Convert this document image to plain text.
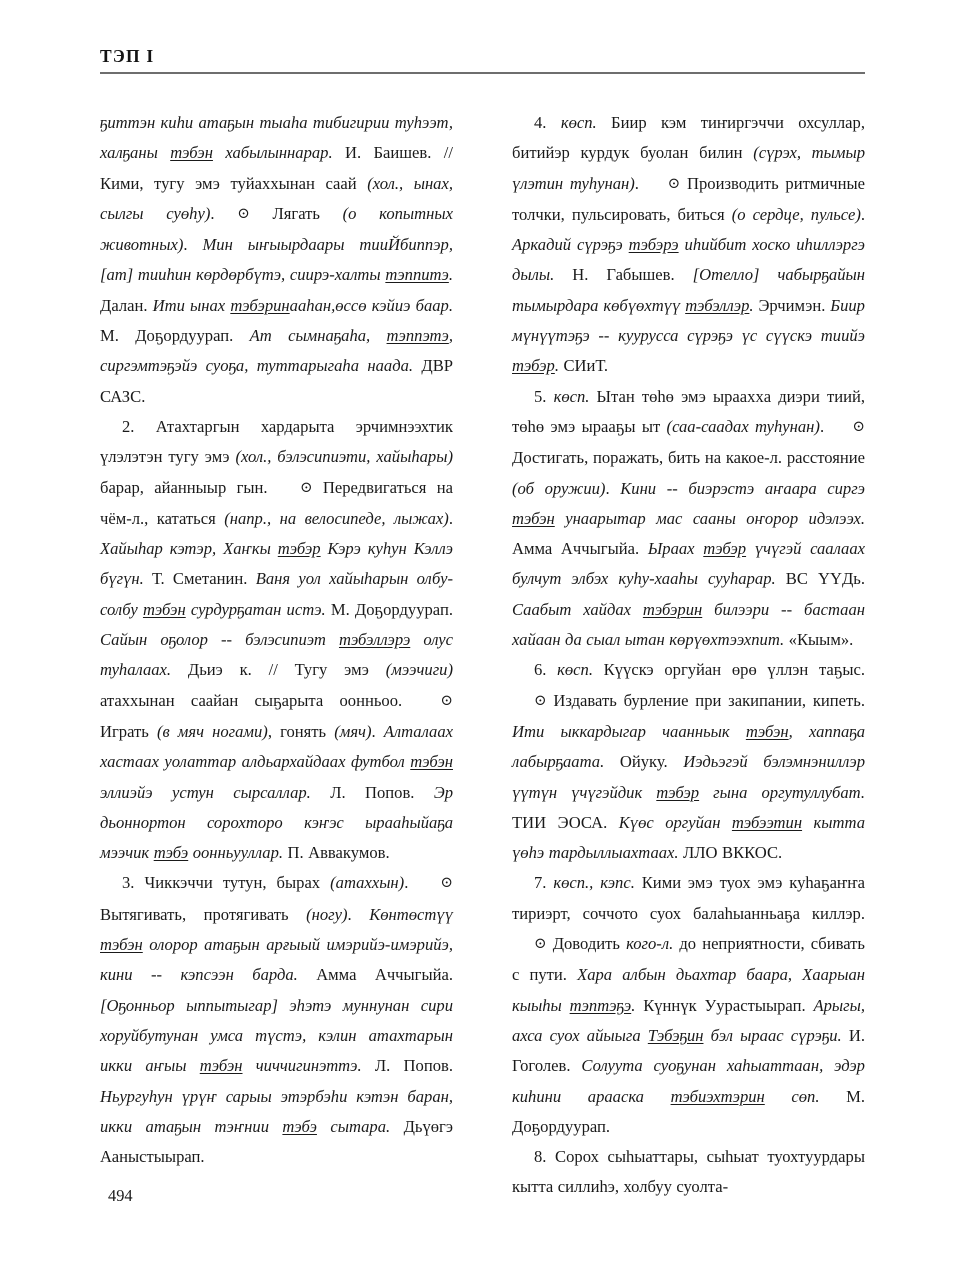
ТЭП I

ҕиттэн киһи атаҕын тыаһа тибигирии туһээт, халҕаны тэбэн хабылыннарар. И. Баишев. // Кими, тугу эмэ туйаххынан саай (хол., ынах, сылгы суөһу). ⊙ Лягать (о копытных животных). Мин ыҥыырдаары тииЙбиппэр, [ат] тииһин көрдөрбүтэ, сиирэ-халты тэппитэ. Далан. Ити ынах тэбэринааһан,өссө кэйиэ баар. М. Доҕордуурап. Ат сымнаҕаһа, тэппэтэ, сиргэмтэҕэйэ суоҕа, туттарыгаһа наада. ДВР САЗС.

2. Атахтаргын хардарыта эрчимнээхтик үлэлэтэн тугу эмэ (хол., бэлэсипиэти, хайыһары) барар, айанныыр гын. ⊙ Передвигаться на чём-л., кататься (напр., на велосипеде, лыжах). Хайыһар кэтэр, Хаҥкы тэбэр Кэрэ куһун Кэллэ бүгүн. Т. Сметанин. Ваня уол хайыһарын олбу-солбу тэбэн сурдурҕатан истэ. М. Доҕордуурап. Сайын оҕолор -- бэлэсипиэт тэбэллэрэ олус туһалаах. Дьиэ к. // Тугу эмэ (мээчиги) атаххынан саайан сыҕарыта оонньоо. ⊙ Играть (в мяч ногами), гонять (мяч). Алталаах хастаах уолаттар алдьархайдаах футбол тэбэн эллиэйэ устун сырсаллар. Л. Попов. Эр дьоннортон сорохторо кэҥэс ырааһыйаҕа мээчик тэбэ оонньууллар. П. Аввакумов.

3. Чиккэччи тутун, бырах (атаххын). ⊙ Вытягивать, протягивать (ногу). Көнтөстүү тэбэн олорор атаҕын арғыый имэрийэ-имэрийэ, кини -- кэпсээн барда. Амма Аччыгыйа. [Оҕонньор ыппытыгар] эһэтэ муннунан сири хоруйбутунан умса түстэ, кэлин атахтарын икки аҥыы тэбэн чиччигинэттэ. Л. Попов. Ньургуһун үрүҥ сарыы этэрбэһи кэтэн баран, икки атаҕын тэҥнии тэбэ сытара. Дьүөгэ Ааныстыырап.

4. көсп. Биир кэм тиҥиргэччи охсуллар, битийэр курдук буолан билин (сүрэх, тымыр үлэтин туһунан). ⊙ Производить ритмичные толчки, пульсировать, биться (о сердце, пульсе). Аркадий сүрэҕэ тэбэрэ иһийбит хоско иһиллэргэ дылы. Н. Габышев. [Отелло] чабырҕайын тымырдара көбүөхтүү тэбэллэр. Эрчимэн. Биир мүнүүтэҕэ -- кууруcса сүрэҕэ үс сүүскэ тиийэ тэбэр. СИиТ.

5. көсп. Ытан төһө эмэ ырааххa диэри тиий, төһө эмэ ырааҕы ыт (саа-саадах туһунан). ⊙ Достигать, поражать, бить на какое-л. расстояние (об оружии). Кини -- биэрэстэ аҥаара сиргэ тэбэн унаарытар мас сааны оҥорор идэлээх. Амма Аччыгыйа. Ыраах тэбэр үчүгэй саалаах булчут элбэх куһу-хааһы сууһарар. ВС ҮҮДь. Саабыт хайдах тэбэрин билээри -- бастаан хайаан да сыал ытан көрүөхтээхпит. «Кыым».

6. көсп. Күүскэ оргуйан өрө үллэн таҕыс. ⊙ Издавать бурление при закипании, кипеть. Ити ыккардыгар чаанньык тэбэн, хаппаҕа лабырҕаата. Ойуку. Иэдьэгэй бэлэмнэниллэр үүтүн үчүгэйдик тэбэр гына оргутуллубат. ТИИ ЭОСА. Күөс оргуйан тэбээтин кытта үөһэ тардыллыахтаах. ЛЛО ВККОС.

7. көсп., кэпс. Кими эмэ туох эмэ куһаҕаҥҥа тириэрт, соччото суох балаһыанньаҕа киллэр. ⊙ Доводить кого-л. до неприятности, сбивать с пути. Хара албын дьахтар баара, Хаарыан кыыһы тэптэҕэ. Күннүк Уурастыырап. Арыгы, ахса суох айыыга Тэбэҕин бэл ыраас сүрэҕи. И. Гоголев. Солуута суоҕунан хаһыаттаан, эдэр киһини арааска тэбиэхтэрин сөп. М. Доҕордуурап.

8. Сорох сыһыаттары, сыһыат туохтуурдары кытта силлиһэ, холбуу суолта-

494
